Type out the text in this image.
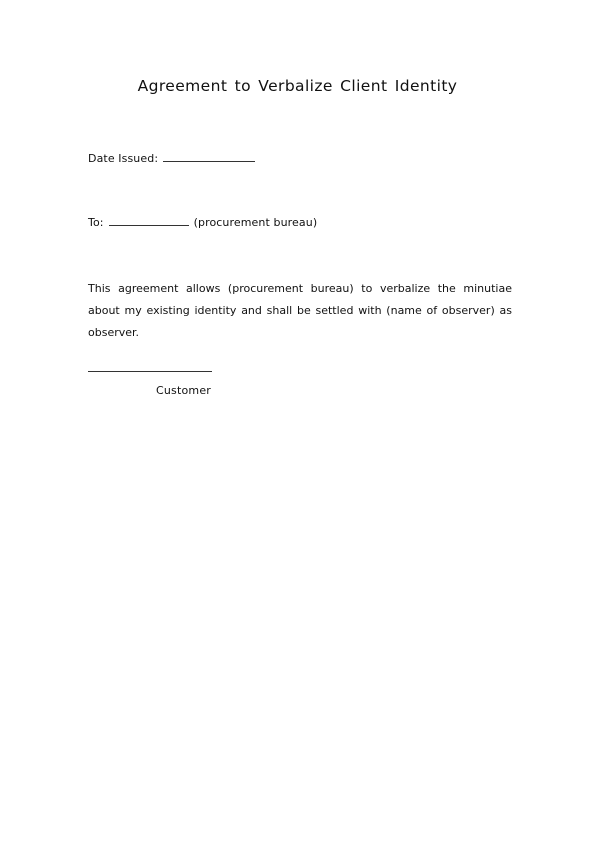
Agreement to Verbalize Client Identity
Date Issued:
To:	(procurement bureau)
This agreement allows (procurement bureau) to verbalize the minutiae about my existing identity and shall be settled with (name of observer) as observer.
Customer
